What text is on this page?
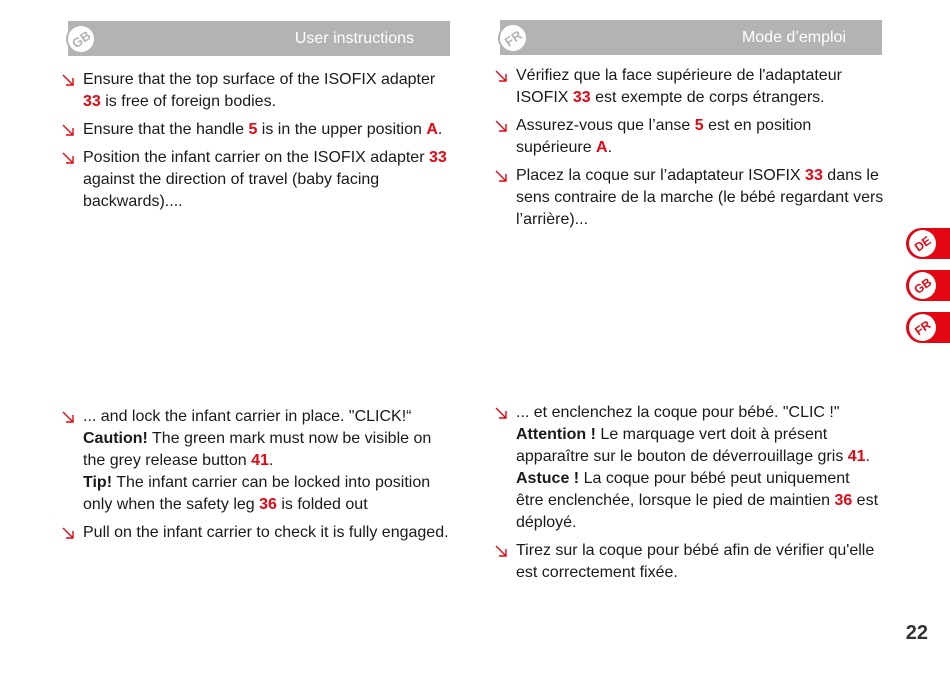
User instructions
GB	Mode d’emploi
FR
Ensure that the top surface of the ISOFIX adapter 33 is free of foreign bodies.
Ensure that the handle 5 is in the upper position A.
Position the infant carrier on the ISOFIX adapter 33 against the direction of travel (baby facing backwards)....
Vérifiez que la face supérieure de l'adaptateur ISOFIX 33 est exempte de corps étrangers.
Assurez-vous que l’anse 5 est en position supérieure A.
Placez la coque sur l’adaptateur ISOFIX 33 dans le sens contraire de la marche (le bébé regardant vers l’arrière)...
... and lock the infant carrier in place. "CLICK!“
Caution! The green mark must now be visible on the grey release button 41.
Tip! The infant carrier can be locked into position only when the safety leg 36 is folded out
Pull on the infant carrier to check it is fully engaged.
... et enclenchez la coque pour bébé. "CLIC !"
Attention ! Le marquage vert doit à présent apparaître sur le bouton de déverrouillage gris 41.
Astuce ! La coque pour bébé peut uniquement être enclenchée, lorsque le pied de maintien 36 est déployé.
Tirez sur la coque pour bébé afin de vérifier qu'elle est correctement fixée.
DE
GB
FR
22
